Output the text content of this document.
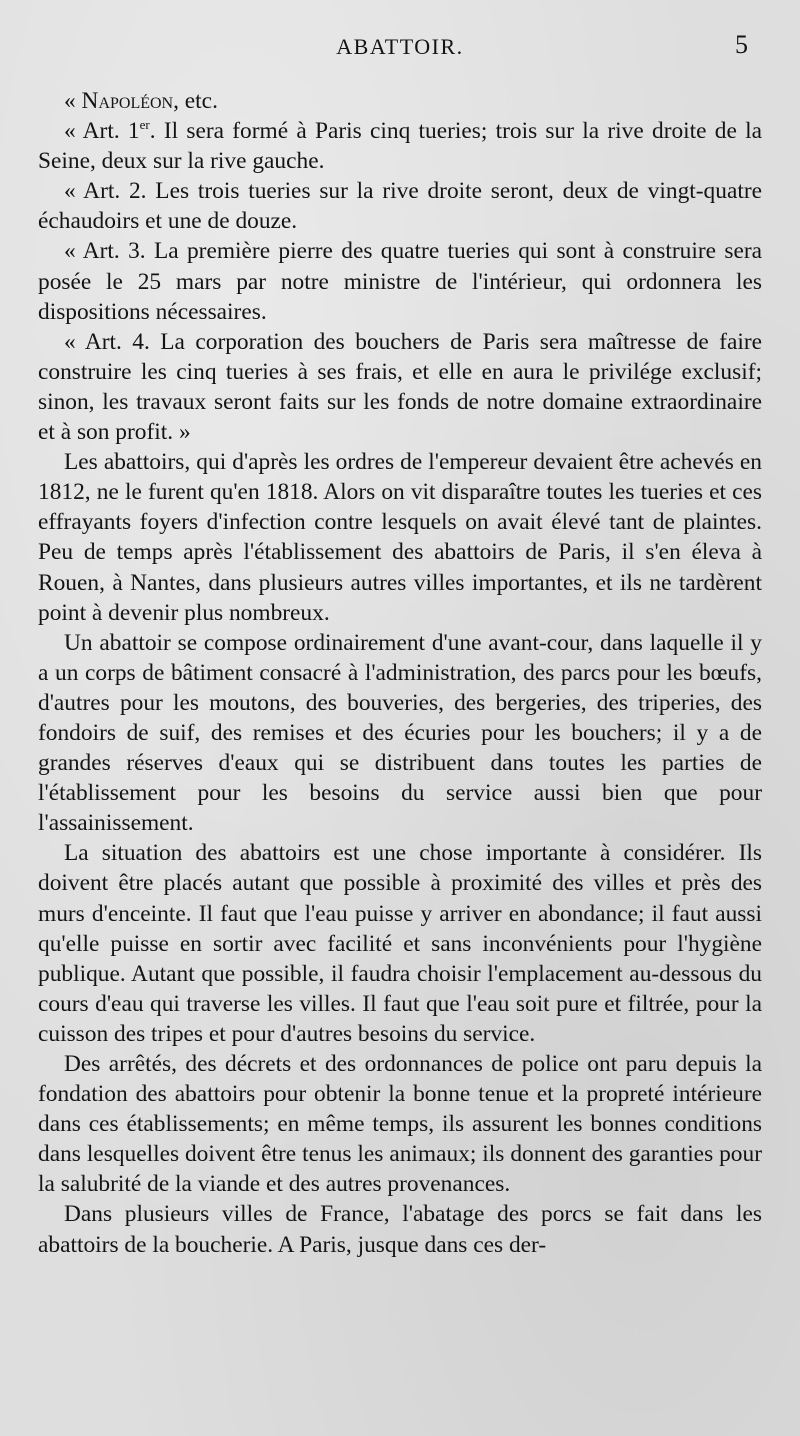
ABATTOIR.	5

« Napoléon, etc.

« Art. 1er. Il sera formé à Paris cinq tueries; trois sur la rive droite de la Seine, deux sur la rive gauche.

« Art. 2. Les trois tueries sur la rive droite seront, deux de vingt-quatre échaudoirs et une de douze.

« Art. 3. La première pierre des quatre tueries qui sont à construire sera posée le 25 mars par notre ministre de l'intérieur, qui ordonnera les dispositions nécessaires.

« Art. 4. La corporation des bouchers de Paris sera maîtresse de faire construire les cinq tueries à ses frais, et elle en aura le privilége exclusif; sinon, les travaux seront faits sur les fonds de notre domaine extraordinaire et à son profit. »

Les abattoirs, qui d'après les ordres de l'empereur devaient être achevés en 1812, ne le furent qu'en 1818. Alors on vit disparaître toutes les tueries et ces effrayants foyers d'infection contre lesquels on avait élevé tant de plaintes. Peu de temps après l'établissement des abattoirs de Paris, il s'en éleva à Rouen, à Nantes, dans plusieurs autres villes importantes, et ils ne tardèrent point à devenir plus nombreux.

Un abattoir se compose ordinairement d'une avant-cour, dans laquelle il y a un corps de bâtiment consacré à l'administration, des parcs pour les bœufs, d'autres pour les moutons, des bouveries, des bergeries, des triperies, des fondoirs de suif, des remises et des écuries pour les bouchers; il y a de grandes réserves d'eaux qui se distribuent dans toutes les parties de l'établissement pour les besoins du service aussi bien que pour l'assainissement.

La situation des abattoirs est une chose importante à considérer. Ils doivent être placés autant que possible à proximité des villes et près des murs d'enceinte. Il faut que l'eau puisse y arriver en abondance; il faut aussi qu'elle puisse en sortir avec facilité et sans inconvénients pour l'hygiène publique. Autant que possible, il faudra choisir l'emplacement au-dessous du cours d'eau qui traverse les villes. Il faut que l'eau soit pure et filtrée, pour la cuisson des tripes et pour d'autres besoins du service.

Des arrêtés, des décrets et des ordonnances de police ont paru depuis la fondation des abattoirs pour obtenir la bonne tenue et la propreté intérieure dans ces établissements; en même temps, ils assurent les bonnes conditions dans lesquelles doivent être tenus les animaux; ils donnent des garanties pour la salubrité de la viande et des autres provenances.

Dans plusieurs villes de France, l'abatage des porcs se fait dans les abattoirs de la boucherie. A Paris, jusque dans ces der-
